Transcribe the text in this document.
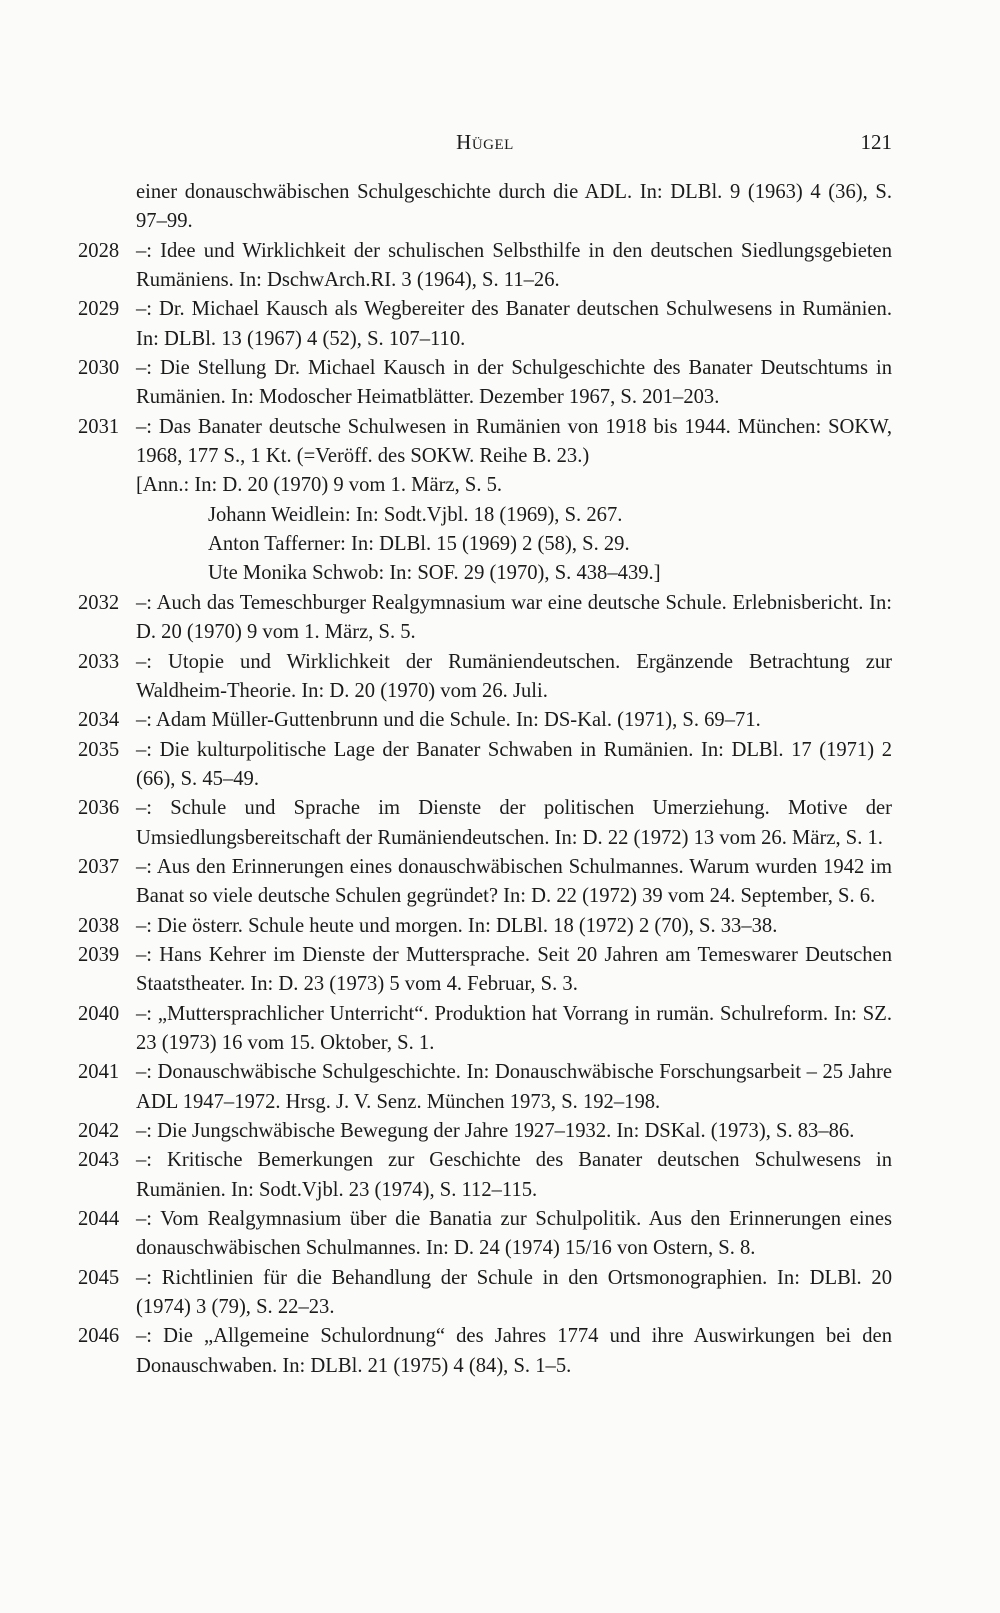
Hügel	121
einer donauschwäbischen Schulgeschichte durch die ADL. In: DLBl. 9 (1963) 4 (36), S. 97–99.
2028 –: Idee und Wirklichkeit der schulischen Selbsthilfe in den deutschen Siedlungsgebieten Rumäniens. In: DschwArch.RI. 3 (1964), S. 11–26.
2029 –: Dr. Michael Kausch als Wegbereiter des Banater deutschen Schulwesens in Rumänien. In: DLBl. 13 (1967) 4 (52), S. 107–110.
2030 –: Die Stellung Dr. Michael Kausch in der Schulgeschichte des Banater Deutschtums in Rumänien. In: Modoscher Heimatblätter. Dezember 1967, S. 201–203.
2031 –: Das Banater deutsche Schulwesen in Rumänien von 1918 bis 1944. München: SOKW, 1968, 177 S., 1 Kt. (=Veröff. des SOKW. Reihe B. 23.)
[Ann.: In: D. 20 (1970) 9 vom 1. März, S. 5.
Johann Weidlein: In: Sodt.Vjbl. 18 (1969), S. 267.
Anton Tafferner: In: DLBl. 15 (1969) 2 (58), S. 29.
Ute Monika Schwob: In: SOF. 29 (1970), S. 438–439.]
2032 –: Auch das Temeschburger Realgymnasium war eine deutsche Schule. Erlebnisbericht. In: D. 20 (1970) 9 vom 1. März, S. 5.
2033 –: Utopie und Wirklichkeit der Rumäniendeutschen. Ergänzende Betrachtung zur Waldheim-Theorie. In: D. 20 (1970) vom 26. Juli.
2034 –: Adam Müller-Guttenbrunn und die Schule. In: DS-Kal. (1971), S. 69–71.
2035 –: Die kulturpolitische Lage der Banater Schwaben in Rumänien. In: DLBl. 17 (1971) 2 (66), S. 45–49.
2036 –: Schule und Sprache im Dienste der politischen Umerziehung. Motive der Umsiedlungsbereitschaft der Rumäniendeutschen. In: D. 22 (1972) 13 vom 26. März, S. 1.
2037 –: Aus den Erinnerungen eines donauschwäbischen Schulmannes. Warum wurden 1942 im Banat so viele deutsche Schulen gegründet? In: D. 22 (1972) 39 vom 24. September, S. 6.
2038 –: Die österr. Schule heute und morgen. In: DLBl. 18 (1972) 2 (70), S. 33–38.
2039 –: Hans Kehrer im Dienste der Muttersprache. Seit 20 Jahren am Temeswarer Deutschen Staatstheater. In: D. 23 (1973) 5 vom 4. Februar, S. 3.
2040 –: „Muttersprachlicher Unterricht“. Produktion hat Vorrang in rumän. Schulreform. In: SZ. 23 (1973) 16 vom 15. Oktober, S. 1.
2041 –: Donauschwäbische Schulgeschichte. In: Donauschwäbische Forschungsarbeit – 25 Jahre ADL 1947–1972. Hrsg. J. V. Senz. München 1973, S. 192–198.
2042 –: Die Jungschwäbische Bewegung der Jahre 1927–1932. In: DSKal. (1973), S. 83–86.
2043 –: Kritische Bemerkungen zur Geschichte des Banater deutschen Schulwesens in Rumänien. In: Sodt.Vjbl. 23 (1974), S. 112–115.
2044 –: Vom Realgymnasium über die Banatia zur Schulpolitik. Aus den Erinnerungen eines donauschwäbischen Schulmannes. In: D. 24 (1974) 15/16 von Ostern, S. 8.
2045 –: Richtlinien für die Behandlung der Schule in den Ortsmonographien. In: DLBl. 20 (1974) 3 (79), S. 22–23.
2046 –: Die „Allgemeine Schulordnung“ des Jahres 1774 und ihre Auswirkungen bei den Donauschwaben. In: DLBl. 21 (1975) 4 (84), S. 1–5.
